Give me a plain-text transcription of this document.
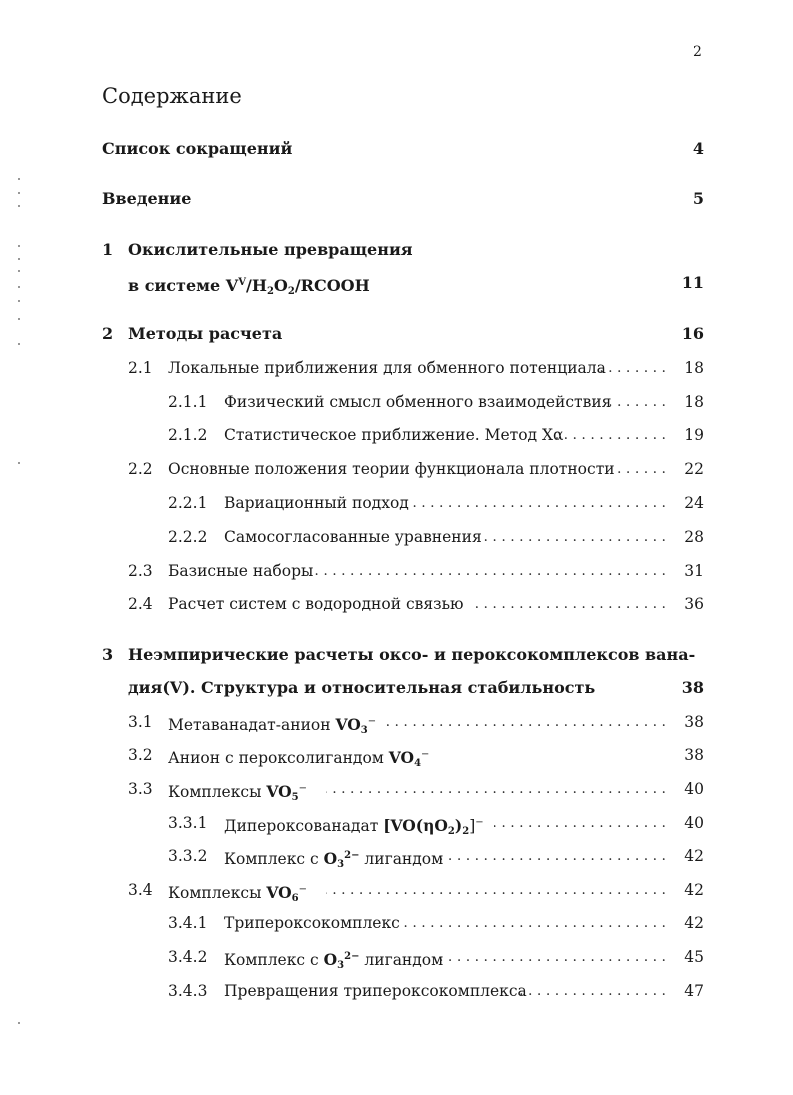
2
Содержание
Список сокращений	4
Введение	5
1 Окислительные превращения
в системе $V^V/H2O2$/RCOOH	11
2 Методы расчета	16
2.1 Локальные приближения для обменного потенциала . . .	18
2.1.1 Физический смысл обменного взаимодействия . . .	18
2.1.2 Статистическое приближение. Метод Xα . . .	19
2.2 Основные положения теории функционала плотности . . .	22
2.2.1 Вариационный подход . . .	24
2.2.2 Самосогласованные уравнения . . .	28
2.3 Базисные наборы . . .	31
2.4 Расчет систем с водородной связью . . .	36
3 Неэмпирические расчеты оксо- и пероксокомплексов вана-
дия(V). Структура и относительная стабильность	38
3.1 Метаванадат-анион VO3− . . .	38
3.2 Анион с пероксолигандом VO4−	38
3.3 Комплексы VO5− . . .	40
3.3.1 Дипероксованадат [VO(ηO2)2]− . . .	40
3.3.2 Комплекс с $O3^{2-}$ лигандом . . .	42
3.4 Комплексы VO6− . . .	42
3.4.1 Трипероксокомплекс . . .	42
3.4.2 Комплекс с $O3^{2-}$ лигандом . . .	45
3.4.3 Превращения трипероксокомплекса . . .	47
